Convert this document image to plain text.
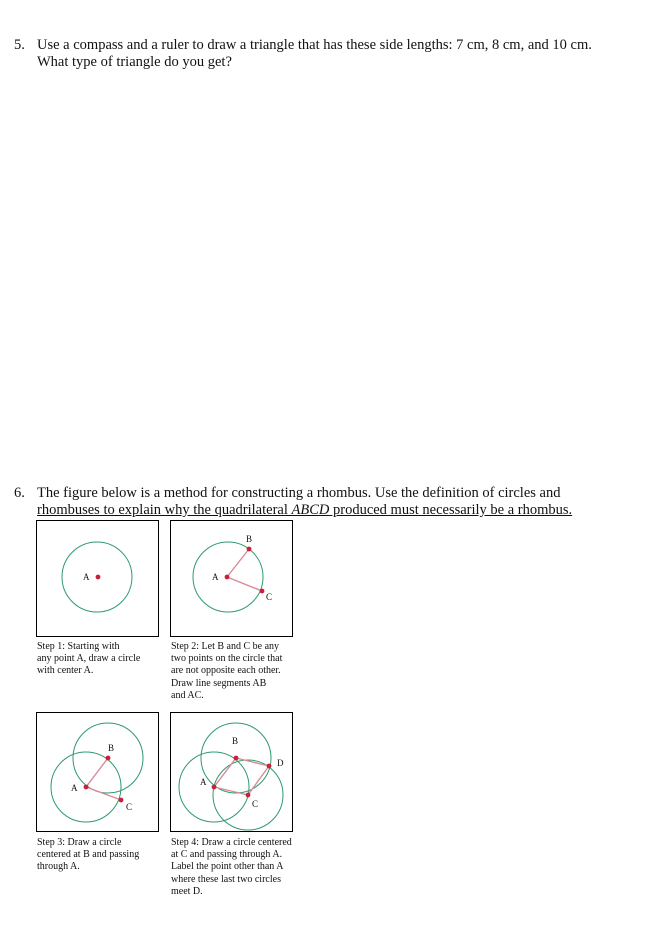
5. Use a compass and a ruler to draw a triangle that has these side lengths: 7 cm, 8 cm, and 10 cm.
What type of triangle do you get?
6. The figure below is a method for constructing a rhombus. Use the definition of circles and
rhombuses to explain why the quadrilateral ABCD produced must necessarily be a rhombus.
A
Step 1: Starting with
any point A, draw a circle
with center A.
A
B
C
Step 2: Let B and C be any
two points on the circle that
are not opposite each other.
Draw line segments AB
and AC.
A
B
C
Step 3: Draw a circle
centered at B and passing
through A.
A
B
C
D
Step 4: Draw a circle centered
at C and passing through A.
Label the point other than A
where these last two circles
meet D.
